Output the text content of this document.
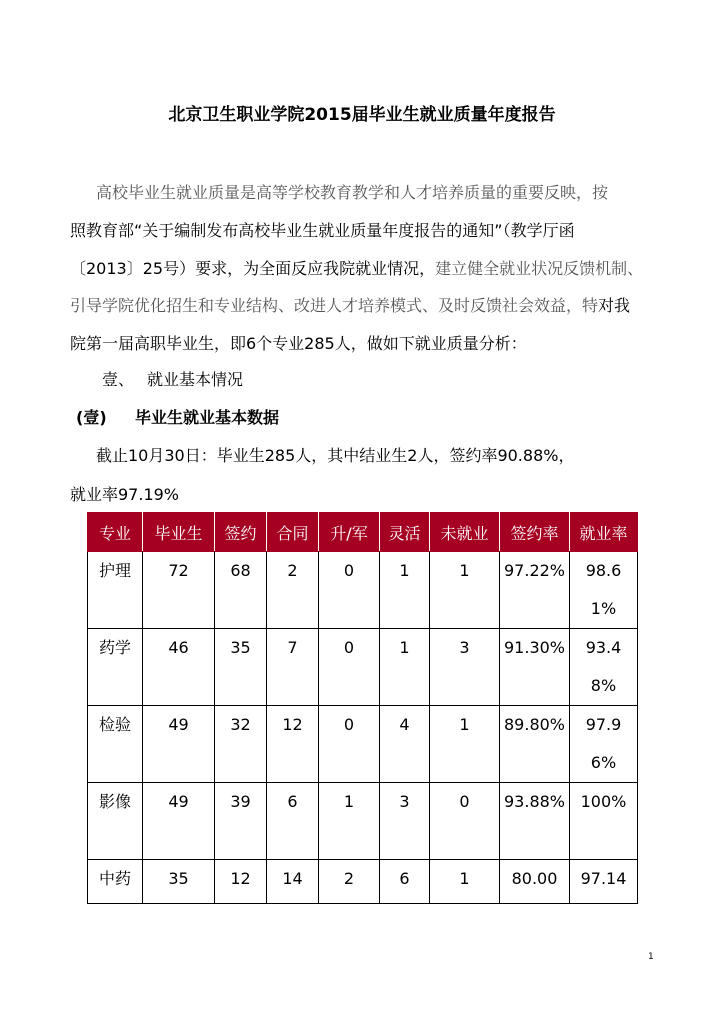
北京卫生职业学院2015届毕业生就业质量年度报告
高校毕业生就业质量是高等学校教育教学和人才培养质量的重要反映，按
照教育部“关于编制发布高校毕业生就业质量年度报告的通知”（教学厅函
〔2013〕25号）要求，为全面反应我院就业情况，建立健全就业状况反馈机制、
引导学院优化招生和专业结构、改进人才培养模式、及时反馈社会效益，特对我
院第一届高职毕业生，即6个专业285人，做如下就业质量分析：
壹、 就业基本情况
(壹) 毕业生就业基本数据
截止10月30日：毕业生285人，其中结业生2人，签约率90.88%，
就业率97.19%
专业	毕业生	签约	合同	升/军	灵活	未就业	签约率	就业率
护理	72	68	2	0	1	1	97.22%	98.61%
药学	46	35	7	0	1	3	91.30%	93.48%
检验	49	32	12	0	4	1	89.80%	97.96%
影像	49	39	6	1	3	0	93.88%	100%
中药	35	12	14	2	6	1	80.00	97.14
1
